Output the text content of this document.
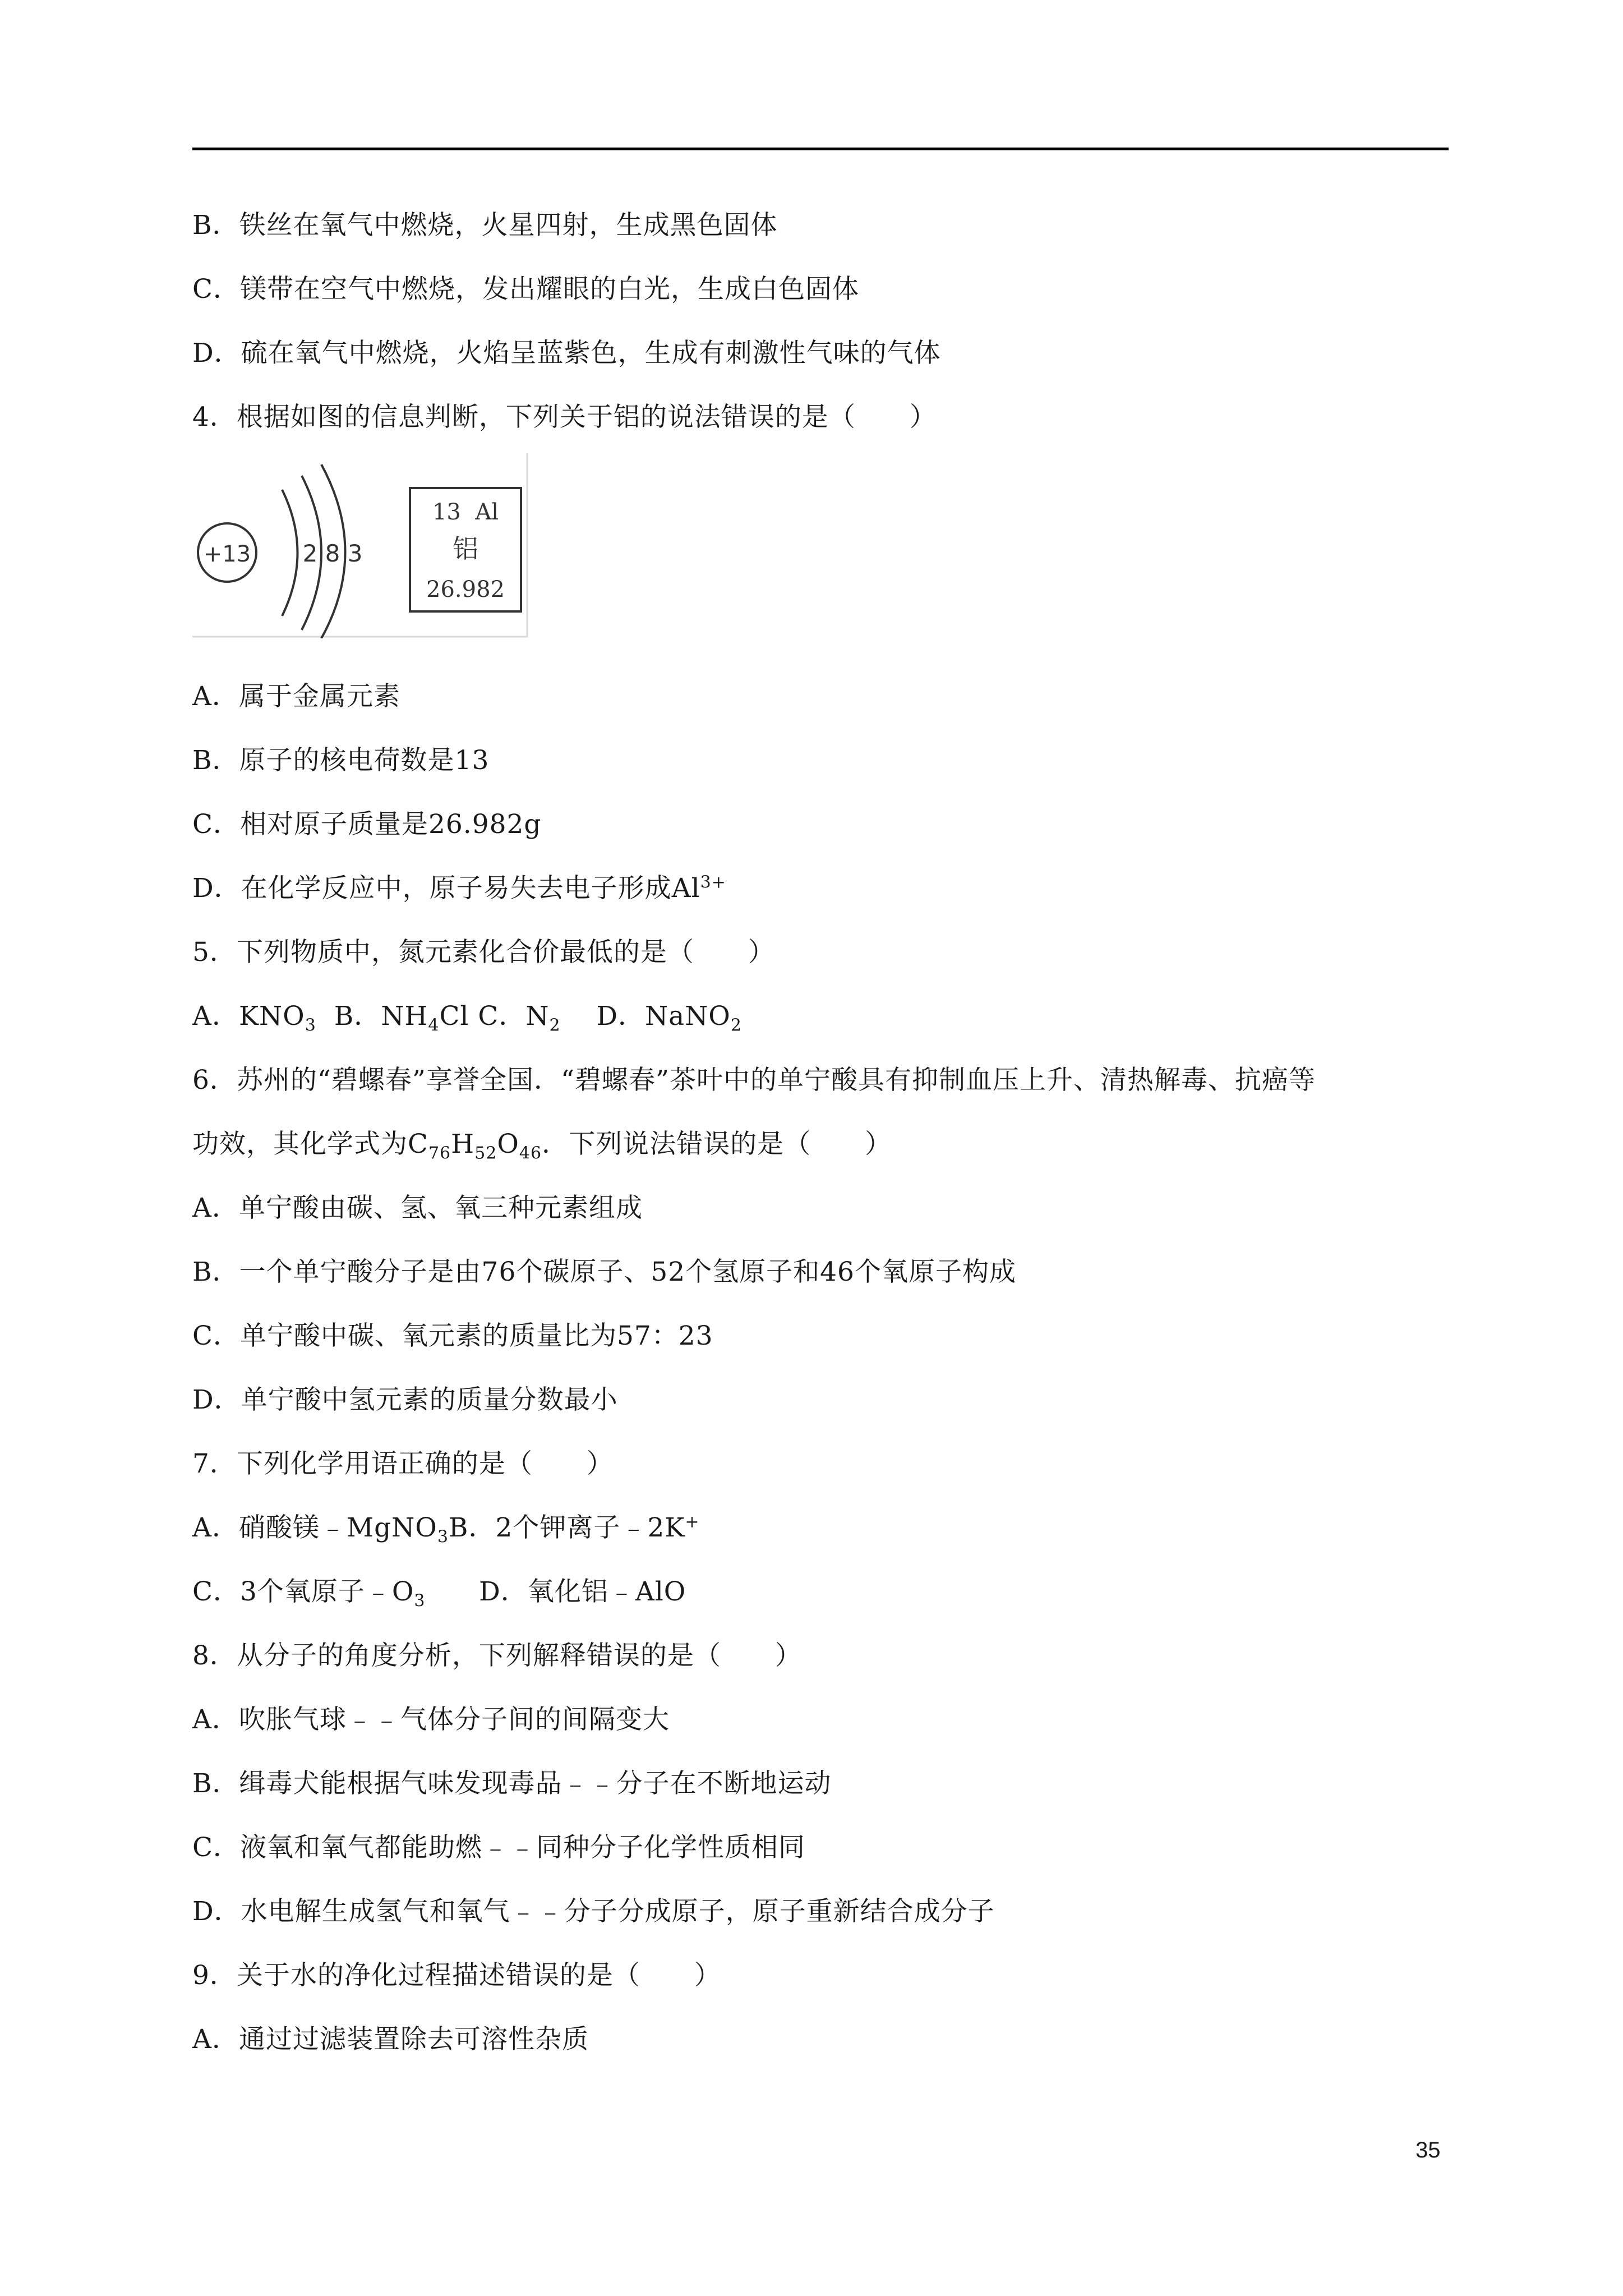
B．铁丝在氧气中燃烧，火星四射，生成黑色固体
C．镁带在空气中燃烧，发出耀眼的白光，生成白色固体
D．硫在氧气中燃烧，火焰呈蓝紫色，生成有刺激性气味的气体
4．根据如图的信息判断，下列关于铝的说法错误的是（　　）
+13 2 8 3
13  Al
铝
26.982
A．属于金属元素
B．原子的核电荷数是13
C．相对原子质量是26.982g
D．在化学反应中，原子易失去电子形成$Al^{3+}$
5．下列物质中，氮元素化合价最低的是（　　）
A．$KNO_3$  B．$NH_4Cl$ C．$N_2$    D．NaNO$_2$
6．苏州的“碧螺春”享誉全国．“碧螺春”茶叶中的单宁酸具有抑制血压上升、清热解毒、抗癌等
功效，其化学式为$C_{76}H_{52}O_{46}$．下列说法错误的是（　　）
A．单宁酸由碳、氢、氧三种元素组成
B．一个单宁酸分子是由76个碳原子、52个氢原子和46个氧原子构成
C．单宁酸中碳、氧元素的质量比为57：23
D．单宁酸中氢元素的质量分数最小
7．下列化学用语正确的是（　　）
A．硝酸镁﹣MgNO$_3$B．2个钾离子﹣2K+
C．3个氧原子$﹣O_3$      D．氧化铝﹣AlO
8．从分子的角度分析，下列解释错误的是（　　）
A．吹胀气球﹣﹣气体分子间的间隔变大
B．缉毒犬能根据气味发现毒品﹣﹣分子在不断地运动
C．液氧和氧气都能助燃﹣﹣同种分子化学性质相同
D．水电解生成氢气和氧气﹣﹣分子分成原子，原子重新结合成分子
9．关于水的净化过程描述错误的是（　　）
A．通过过滤装置除去可溶性杂质
35
